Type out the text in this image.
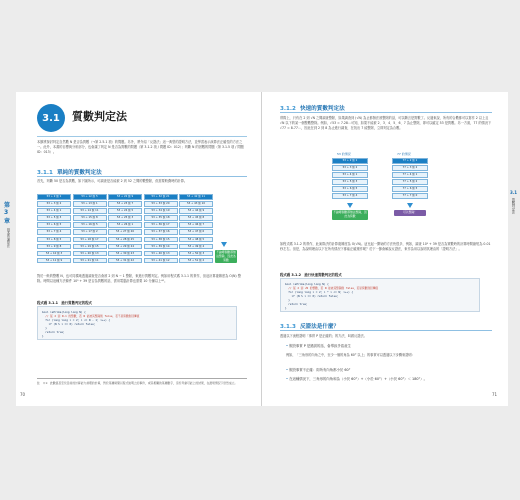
3.1 質數判定法
本節將探討判定自然數 N 是否為質數（→第 2.5.1 項）的問題。另外，將介紹「反證法」這一典型的證明方法，並學習表示演算法正確性的方法之一。此外，本書的目標與分析部分，也會讓了判定 N 是否為質數的問題（第 3.1.2 項 / 問題 ID：012）；判斷 N 的因數的問題（第 3.1.5 項 / 問題 ID：013）。
3.1.1 單純的質數判定法
首先，判斷 50 是否為質數，如下圖所示，可調查是否能被 2 到 52 之間的數整除，但需要較費時的計算。
53 ÷ 2 餘 1	53 ÷ 12 餘 5	53 ÷ 22 餘 9	53 ÷ 32 餘 21	53 ÷ 42 餘 11
53 ÷ 3 餘 2	53 ÷ 13 餘 1	53 ÷ 23 餘 7	53 ÷ 33 餘 20	53 ÷ 43 餘 10
53 ÷ 4 餘 1	53 ÷ 14 餘 11	53 ÷ 24 餘 5	53 ÷ 34 餘 19	53 ÷ 44 餘 9
53 ÷ 5 餘 3	53 ÷ 15 餘 8	53 ÷ 25 餘 3	53 ÷ 35 餘 18	53 ÷ 45 餘 8
53 ÷ 6 餘 5	53 ÷ 16 餘 5	53 ÷ 26 餘 1	53 ÷ 36 餘 17	53 ÷ 46 餘 7
53 ÷ 7 餘 4	53 ÷ 17 餘 2	53 ÷ 27 餘 26	53 ÷ 37 餘 16	53 ÷ 47 餘 6
53 ÷ 8 餘 5	53 ÷ 18 餘 17	53 ÷ 28 餘 25	53 ÷ 38 餘 15	53 ÷ 48 餘 5
53 ÷ 9 餘 8	53 ÷ 19 餘 15	53 ÷ 29 餘 24	53 ÷ 39 餘 14	53 ÷ 49 餘 4
53 ÷ 10 餘 3	53 ÷ 20 餘 13	53 ÷ 30 餘 23	53 ÷ 40 餘 13	53 ÷ 50 餘 3
53 ÷ 11 餘 9	53 ÷ 21 餘 11	53 ÷ 31 餘 22	53 ÷ 41 餘 12	53 ÷ 51 餘 2
不論哪個數都無法整除，因此為質數
對於一般的整數 N，也可同樣地透過調查是否會被 2 到 N − 1 整除，來進行質數判定。例如用程式碼 3.1.1 的實作，但這計算複雜度為 O(N) 整除。時間以這種方法條件 10⁹ + 39 是否為質數的話，需用電腦計算也需要 10 分鐘以上*¹。
程式碼 3.1.1　進行質數判定的程式
bool isPrime(long long N) {
// 從 2 到 N-1 的整數，若 N 能被其整除則 false，若不是質數則回傳值
for (long long i = 2; i <= N - 1; i++) {
if (N % i == 0) return false;
}
return true;
}
註　＊1：此數值甚至於目前的計算能力處理的計算，對於某種時間以程式說明之的事件，或其相關的某種數字，這些考慮可能上的結果，在最壞情況下依然成立。
70
第3章
基本的演算法
3.1.2 快速的質數判定法
實際上，只有在 2 到 √N 之間調查整除，如果調查到 ⌊√N⌋ 為止都無法被整除的話，可以斷言是質數了。反過來說，所有的合數都可以寫作 2 以上且 √N 以下的某一個整數整除。例如，√53 = 7.28⋯可知，如果不能被 2、3、4、5、6、7 為止整除，即可以確定 53 是質數。另一方面，77 的情況下 √77 = 8.77⋯，因此在到 2 到 8 為止進行調查，在找出 7 能整除，立即判定為合數。
53 的情況
53 ÷ 2 餘 1
53 ÷ 3 餘 2
53 ÷ 4 餘 1
53 ÷ 5 餘 3
53 ÷ 6 餘 5
53 ÷ 7 餘 4
不論哪個數都無法整除，因此為質數
77 的情況
77 ÷ 2 餘 1
77 ÷ 3 餘 2
77 ÷ 4 餘 1
77 ÷ 5 餘 2
77 ÷ 6 餘 5
77 ÷ 7 餘 0
可以整除！
如程式碼 3.1.2 的實作，此演算法的計算複雜度為 O(√N)。這比起一開始的方法快很多，例如，調查 10⁹ + 39 是否為質數時的計算時間縮短為 0.01 秒左右。但是，為說明理由以下在所有情況下都能正確運作呢？於下一節會解說反證法，來作為用以說明其理由的「證明方法」。
程式碼 3.1.2　進行快速質數判定的程式
bool isPrime(long long N) {
// 從 2 到 √N 的整數，若 N 能被其整除則 false，若是質數則回傳值
for (long long i = 2; i * i <= N; i++) {
if (N % i == 0) return false;
}
return true;
}
3.1.3 反證法是什麼？
透過以下流程證明「事實 P 是正確的」的方法，叫做反證法。
• 假設事實 P 是錯誤的話，會導致矛盾產生
例如，「三角形的內角之中，至少一個的角為 60° 以上」的事實可以透過以下步驟來證明：
• 假設事實不正確：即所有內角都小於 60°
• 在這種情況下，三角形的內角和為（小於 60°）+（小於 60°）+（小於 60°）＜ 180°）。
71
3.1
質數判定法
